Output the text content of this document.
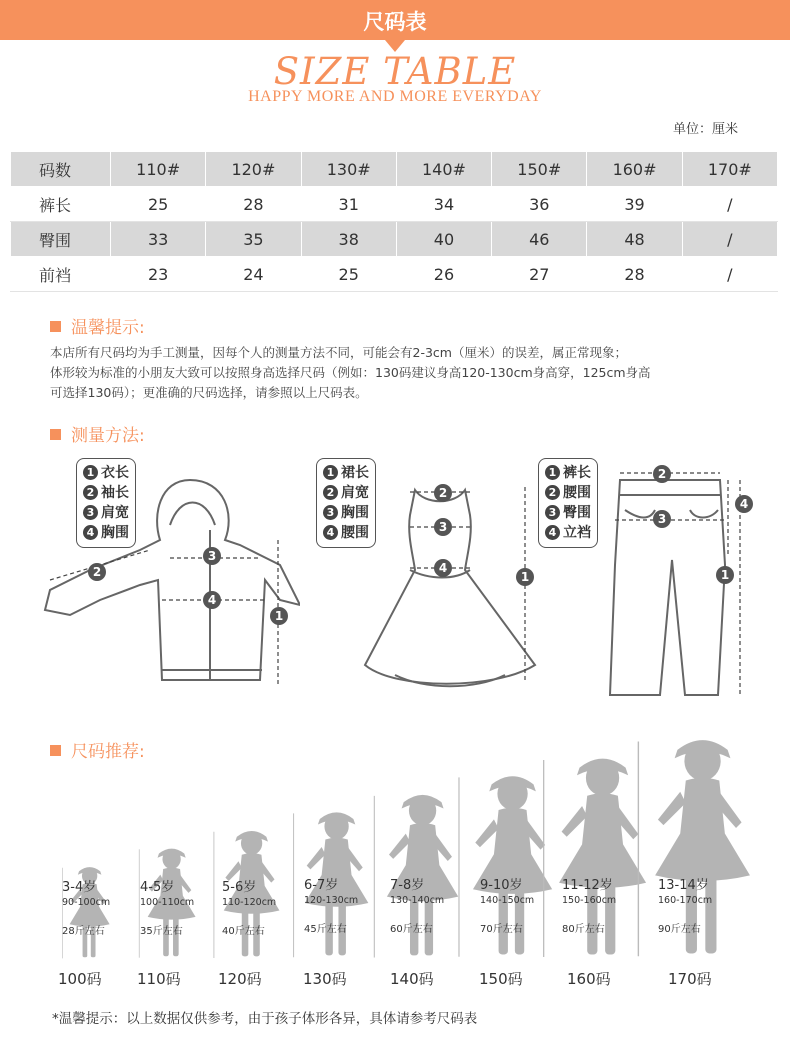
尺码表
SIZE TABLE
HAPPY MORE AND MORE EVERYDAY
单位：厘米
码数	110#	120#	130#	140#	150#	160#	170#
裤长	25	28	31	34	36	39	/
臀围	33	35	38	40	46	48	/
前裆	23	24	25	26	27	28	/
温馨提示:

本店所有尺码均为手工测量，因每个人的测量方法不同，可能会有2-3cm（厘米）的误差，属正常现象；

体形较为标准的小朋友大致可以按照身高选择尺码（例如：130码建议身高120-130cm身高穿，125cm身高

可选择130码）；更准确的尺码选择，请参照以上尺码表。

测量方法:
1 衣长
2 袖长
3 肩宽
4 胸围
1
2
3
4
1 裙长
2 肩宽
3 胸围
4 腰围
1
2
3
4
1 裤长
2 腰围
3 臀围
4 立裆
1
2
3
4
尺码推荐:
3-4岁
90-100cm
28斤左右
4-5岁
100-110cm
35斤左右
5-6岁
110-120cm
40斤左右
6-7岁
120-130cm
45斤左右
7-8岁
130-140cm
60斤左右
9-10岁
140-150cm
70斤左右
11-12岁
150-160cm
80斤左右
13-14岁
160-170cm
90斤左右
100码 110码 120码	130码	140码	150码	160码	170码
*温馨提示：以上数据仅供参考，由于孩子体形各异，具体请参考尺码表
